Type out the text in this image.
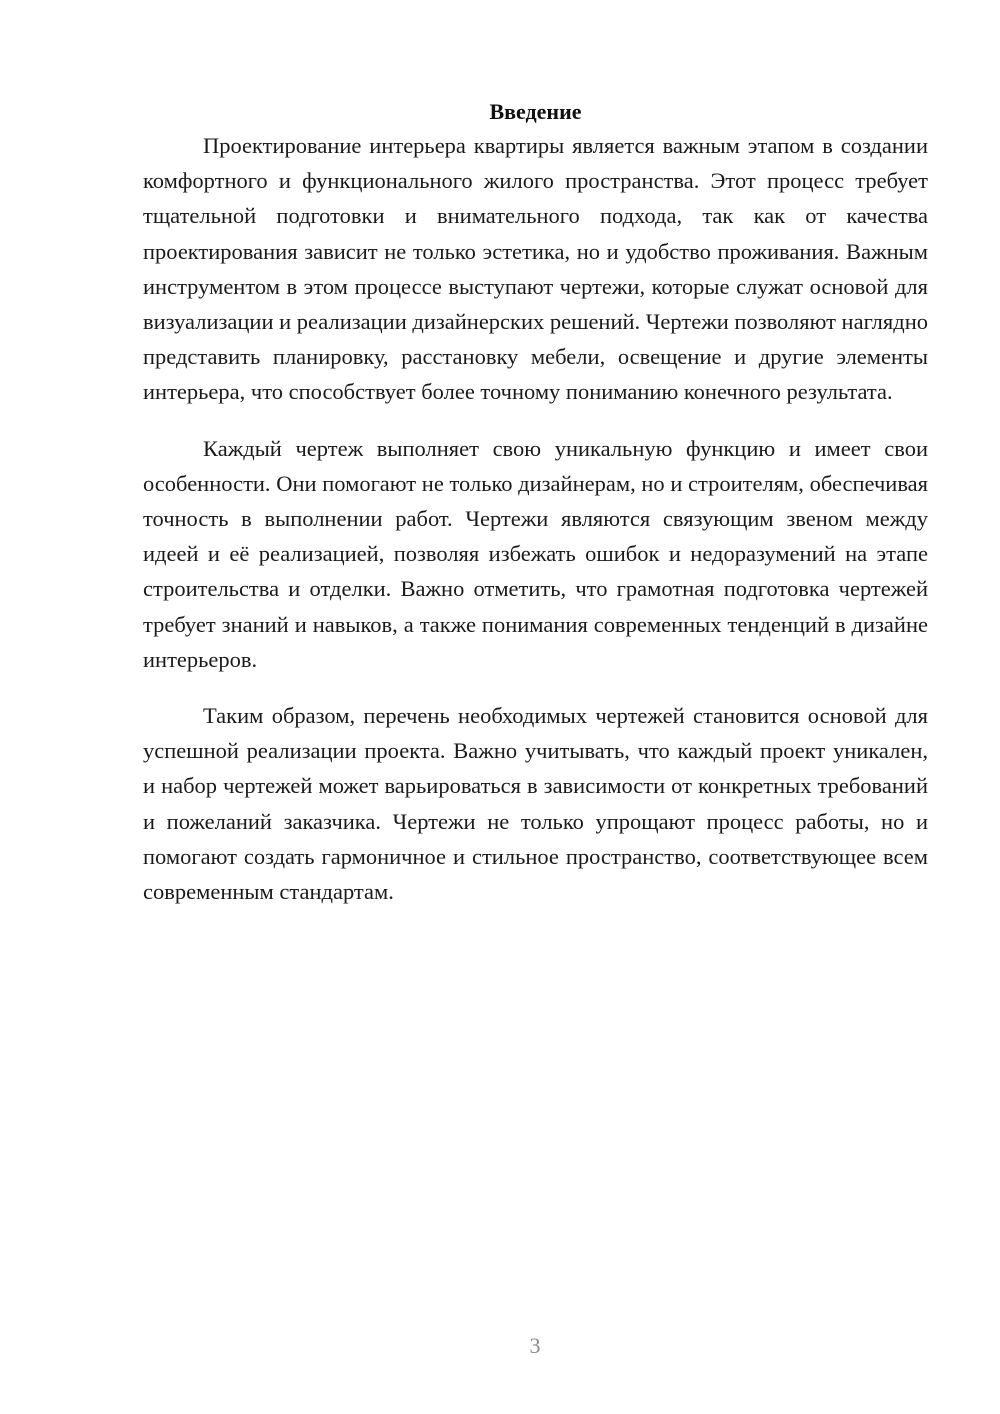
Введение

Проектирование интерьера квартиры является важным этапом в создании комфортного и функционального жилого пространства. Этот процесс требует тщательной подготовки и внимательного подхода, так как от качества проектирования зависит не только эстетика, но и удобство проживания. Важным инструментом в этом процессе выступают чертежи, которые служат основой для визуализации и реализации дизайнерских решений. Чертежи позволяют наглядно представить планировку, расстановку мебели, освещение и другие элементы интерьера, что способствует более точному пониманию конечного результата.

Каждый чертеж выполняет свою уникальную функцию и имеет свои особенности. Они помогают не только дизайнерам, но и строителям, обеспечивая точность в выполнении работ. Чертежи являются связующим звеном между идеей и её реализацией, позволяя избежать ошибок и недоразумений на этапе строительства и отделки. Важно отметить, что грамотная подготовка чертежей требует знаний и навыков, а также понимания современных тенденций в дизайне интерьеров.

Таким образом, перечень необходимых чертежей становится основой для успешной реализации проекта. Важно учитывать, что каждый проект уникален, и набор чертежей может варьироваться в зависимости от конкретных требований и пожеланий заказчика. Чертежи не только упрощают процесс работы, но и помогают создать гармоничное и стильное пространство, соответствующее всем современным стандартам.

3
